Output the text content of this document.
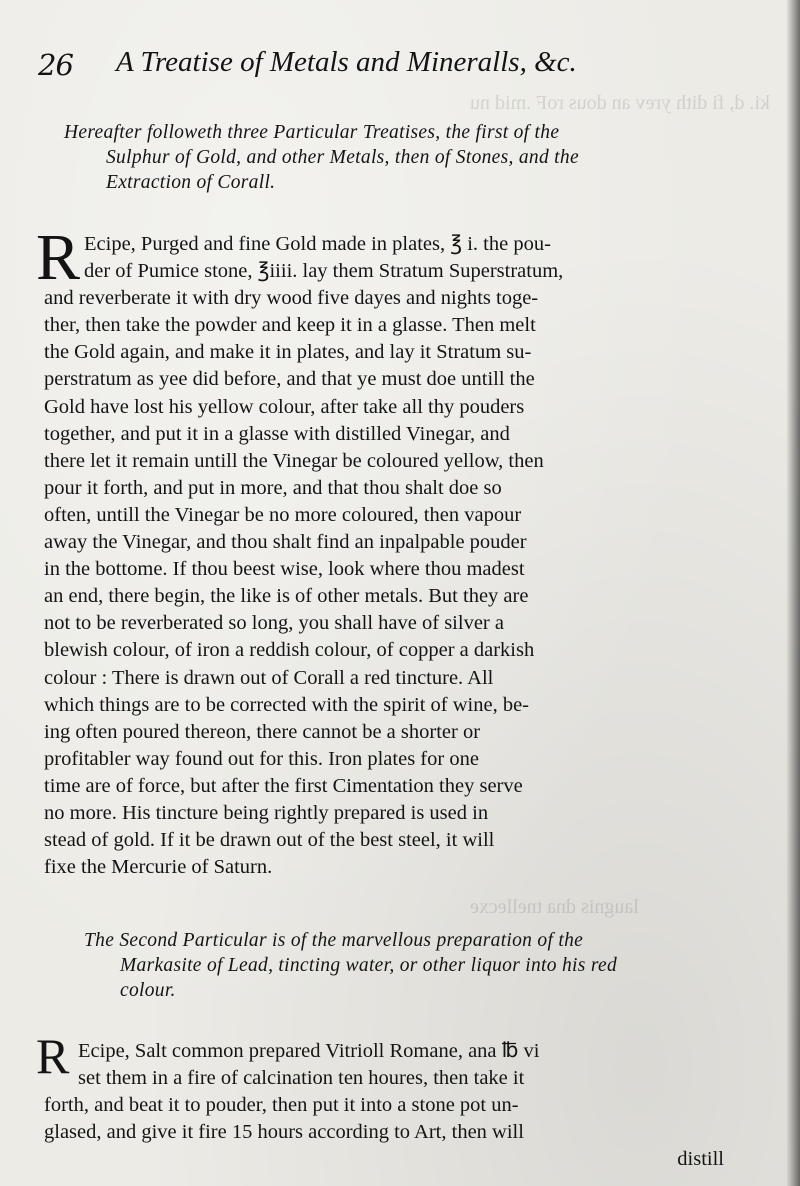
ki. d, fi dith yrev an dous roF .mid nu
laugnis dna tnellecxe
26 A Treatise of Metals and Mineralls, &c.
Hereafter followeth three Particular Treatises, the first of the
Sulphur of Gold, and other Metals, then of Stones, and the
Extraction of Corall.
R Ecipe, Purged and fine Gold made in plates, ℥ i. the pou-
der of Pumice stone, ℥iiii. lay them Stratum Superstratum,
and reverberate it with dry wood five dayes and nights toge-
ther, then take the powder and keep it in a glasse. Then melt
the Gold again, and make it in plates, and lay it Stratum su-
perstratum as yee did before, and that ye must doe untill the
Gold have lost his yellow colour, after take all thy pouders
together, and put it in a glasse with distilled Vinegar, and
there let it remain untill the Vinegar be coloured yellow, then
pour it forth, and put in more, and that thou shalt doe so
often, untill the Vinegar be no more coloured, then vapour
away the Vinegar, and thou shalt find an inpalpable pouder
in the bottome. If thou beest wise, look where thou madest
an end, there begin, the like is of other metals. But they are
not to be reverberated so long, you shall have of silver a
blewish colour, of iron a reddish colour, of copper a darkish
colour : There is drawn out of Corall a red tincture. All
which things are to be corrected with the spirit of wine, be-
ing often poured thereon, there cannot be a shorter or
profitabler way found out for this. Iron plates for one
time are of force, but after the first Cimentation they serve
no more. His tincture being rightly prepared is used in
stead of gold. If it be drawn out of the best steel, it will
fixe the Mercurie of Saturn.
The Second Particular is of the marvellous preparation of the
Markasite of Lead, tincting water, or other liquor into his red
colour.
R Ecipe, Salt common prepared Vitrioll Romane, ana ℔ vi
set them in a fire of calcination ten houres, then take it
forth, and beat it to pouder, then put it into a stone pot un-
glased, and give it fire 15 hours according to Art, then will
distill
